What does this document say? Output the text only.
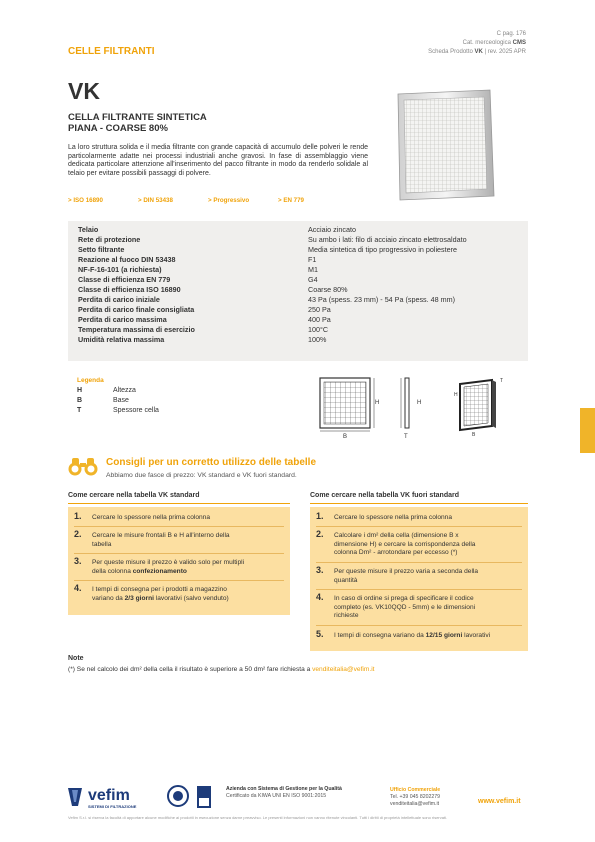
C pag. 176
Cat. merceologica CMS
Scheda Prodotto VK | rev. 2025 APR
CELLE FILTRANTI
VK
CELLA FILTRANTE SINTETICA
PIANA - COARSE 80%
La loro struttura solida e il media filtrante con grande capacità di accumulo delle polveri le rende particolarmente adatte nei processi industriali anche gravosi. In fase di assemblaggio viene dedicata particolare attenzione all'inserimento del pacco filtrante in modo da renderlo solidale al telaio per evitare possibili passaggi di polvere.
> ISO 16890	> DIN 53438	> Progressivo	> EN 779
Telaio	Acciaio zincato
Rete di protezione	Su ambo i lati: filo di acciaio zincato elettrosaldato
Setto filtrante	Media sintetica di tipo progressivo in poliestere
Reazione al fuoco DIN 53438	F1
NF-F-16-101 (a richiesta)	M1
Classe di efficienza EN 779	G4
Classe di efficienza ISO 16890	Coarse 80%
Perdita di carico iniziale	43 Pa (spess. 23 mm) - 54 Pa (spess. 48 mm)
Perdita di carico finale consigliata	250 Pa
Perdita di carico massima	400 Pa
Temperatura massima di esercizio	100°C
Umidità relativa massima	100%
Legenda
H	Altezza
B	Base
T	Spessore cella
H
B
H
T
H
B
T
Consigli per un corretto utilizzo delle tabelle
Abbiamo due fasce di prezzo: VK standard e VK fuori standard.
Come cercare nella tabella VK standard
1. Cercare lo spessore nella prima colonna
2. Cercare le misure frontali B e H all'interno della
tabella
3. Per queste misure il prezzo è valido solo per multipli
della colonna confezionamento
4. I tempi di consegna per i prodotti a magazzino
variano da 2/3 giorni lavorativi (salvo venduto)
Come cercare nella tabella VK fuori standard
1. Cercare lo spessore nella prima colonna
2. Calcolare i dm² della cella (dimensione B x
dimensione H) e cercare la corrispondenza della
colonna Dm² - arrotondare per eccesso (*)
3. Per queste misure il prezzo varia a seconda della
quantità
4. In caso di ordine si prega di specificare il codice
completo (es. VK10QQD - 5mm) e le dimensioni
richieste
5. I tempi di consegna variano da 12/15 giorni lavorativi
Note
(*) Se nel calcolo dei dm² della cella il risultato è superiore a 50 dm² fare richiesta a venditeitalia@vefim.it
vefim
SISTEMI DI FILTRAZIONE
Azienda con Sistema di Gestione per la Qualità
Certificato da KIWA UNI EN ISO 9001:2015
Ufficio Commerciale
Tel. +39 045 8202279
venditeitalia@vefim.it	www.vefim.it
Vefim S.r.l. si riserva la facoltà di apportare alcune modifiche ai prodotti in esecuzione senza darne preavviso. Le presenti informazioni non vanno ritenute vincolanti. Tutti i diritti di proprietà intellettuale sono riservati.
